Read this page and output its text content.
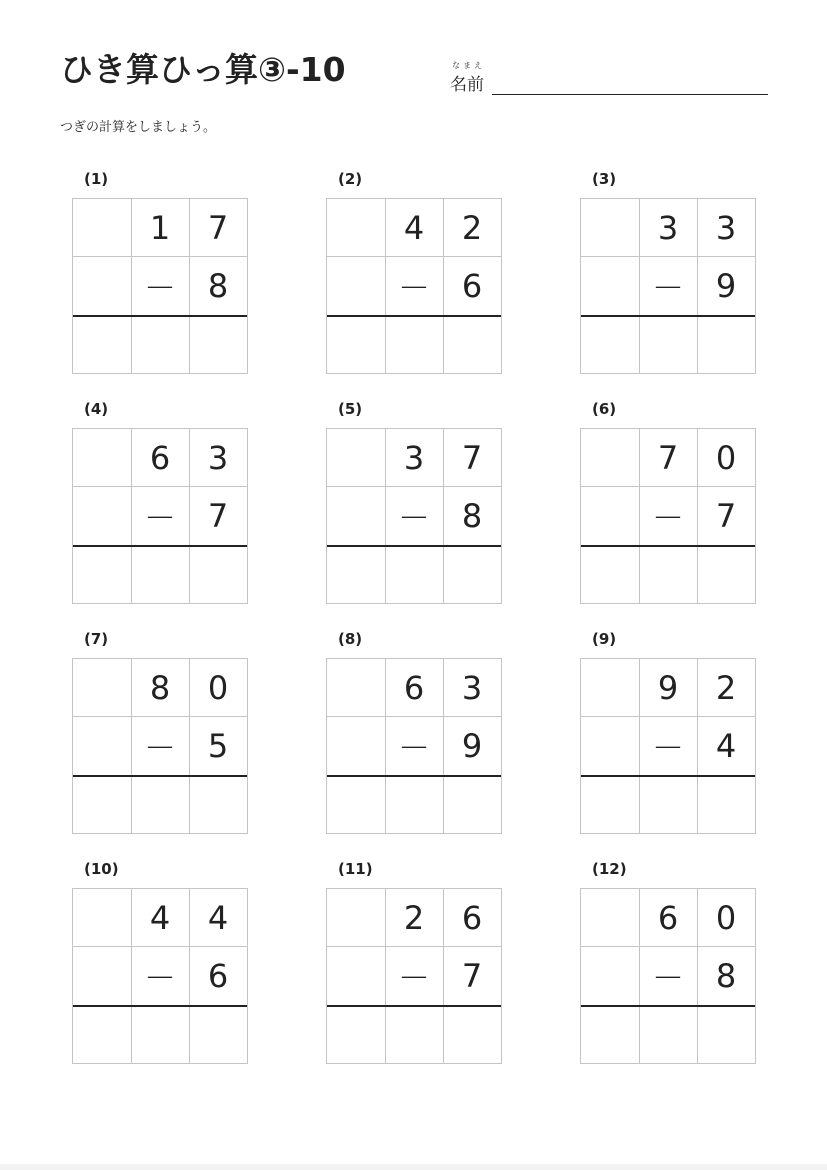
ひき算ひっ算③-10	なまえ
名前
つぎの計算をしましょう。
(1)
1	7
－ 8
(2)
4	2
－ 6
(3)
3	3
－ 9
(4)
6	3
－ 7
(5)
3	7
－ 8
(6)
7	0
－ 7
(7)
8	0
－ 5
(8)
6	3
－ 9
(9)
9	2
－ 4
(10)
4	4
－ 6
(11)
2	6
－ 7
(12)
6	0
－ 8
